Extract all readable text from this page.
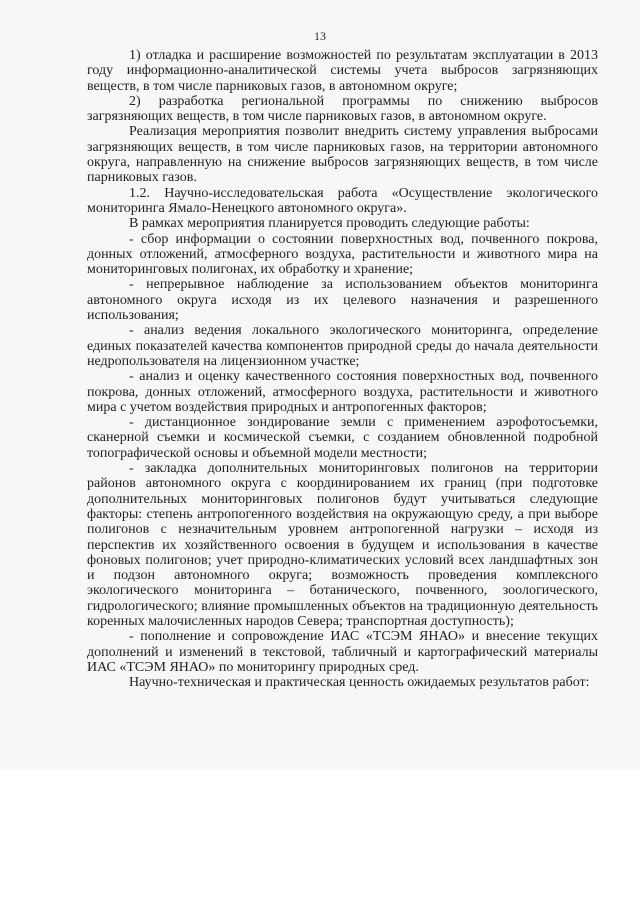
13

1) отладка и расширение возможностей по результатам эксплуатации в 2013 году информационно-аналитической системы учета выбросов загрязняющих веществ, в том числе парниковых газов, в автономном округе;

2) разработка региональной программы по снижению выбросов загрязняющих веществ, в том числе парниковых газов, в автономном округе.

Реализация мероприятия позволит внедрить систему управления выбросами загрязняющих веществ, в том числе парниковых газов, на территории автономного округа, направленную на снижение выбросов загрязняющих веществ, в том числе парниковых газов.

1.2. Научно-исследовательская работа «Осуществление экологического мониторинга Ямало-Ненецкого автономного округа».

В рамках мероприятия планируется проводить следующие работы:

- сбор информации о состоянии поверхностных вод, почвенного покрова, донных отложений, атмосферного воздуха, растительности и животного мира на мониторинговых полигонах, их обработку и хранение;

- непрерывное наблюдение за использованием объектов мониторинга автономного округа исходя из их целевого назначения и разрешенного использования;

- анализ ведения локального экологического мониторинга, определение единых показателей качества компонентов природной среды до начала деятельности недропользователя на лицензионном участке;

- анализ и оценку качественного состояния поверхностных вод, почвенного покрова, донных отложений, атмосферного воздуха, растительности и животного мира с учетом воздействия природных и антропогенных факторов;

- дистанционное зондирование земли с применением аэрофотосъемки, сканерной съемки и космической съемки, с созданием обновленной подробной топографической основы и объемной модели местности;

- закладка дополнительных мониторинговых полигонов на территории районов автономного округа с координированием их границ (при подготовке дополнительных мониторинговых полигонов будут учитываться следующие факторы: степень антропогенного воздействия на окружающую среду, а при выборе полигонов с незначительным уровнем антропогенной нагрузки – исходя из перспектив их хозяйственного освоения в будущем и использования в качестве фоновых полигонов; учет природно-климатических условий всех ландшафтных зон и подзон автономного округа; возможность проведения комплексного экологического мониторинга – ботанического, почвенного, зоологического, гидрологического; влияние промышленных объектов на традиционную деятельность коренных малочисленных народов Севера; транспортная доступность);

- пополнение и сопровождение ИАС «ТСЭМ ЯНАО» и внесение текущих дополнений и изменений в текстовой, табличный и картографический материалы ИАС «ТСЭМ ЯНАО» по мониторингу природных сред.

Научно-техническая и практическая ценность ожидаемых результатов работ:
